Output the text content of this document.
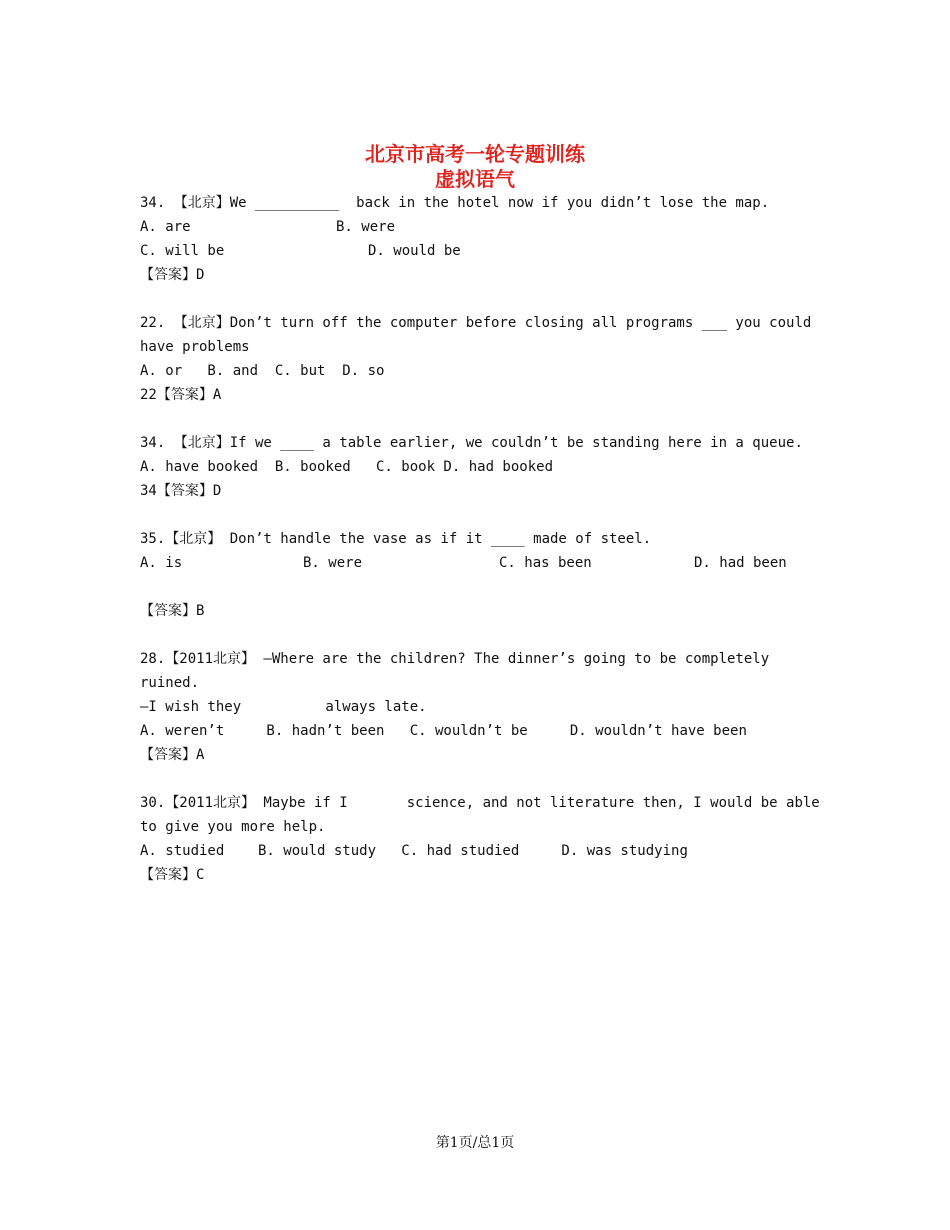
北京市高考一轮专题训练
虚拟语气
34. 【北京】We __________  back in the hotel now if you didn’t lose the map.
A. are	B. were
C. will be	D. would be
【答案】D
22. 【北京】Don’t turn off the computer before closing all programs ___ you could
have problems
A. or   B. and  C. but  D. so
22【答案】A
34. 【北京】If we ____ a table earlier, we couldn’t be standing here in a queue.
A. have booked  B. booked   C. book D. had booked
34【答案】D
35.【北京】 Don’t handle the vase as if it ____ made of steel.
A. is	B. were	C. has been	D. had been
【答案】B
28.【2011北京】 —Where are the children? The dinner’s going to be completely
ruined.
—I wish they          always late.
A. weren’t     B. hadn’t been   C. wouldn’t be     D. wouldn’t have been
【答案】A
30.【2011北京】 Maybe if I       science, and not literature then, I would be able
to give you more help.
A. studied    B. would study   C. had studied     D. was studying
【答案】C
第1页/总1页
